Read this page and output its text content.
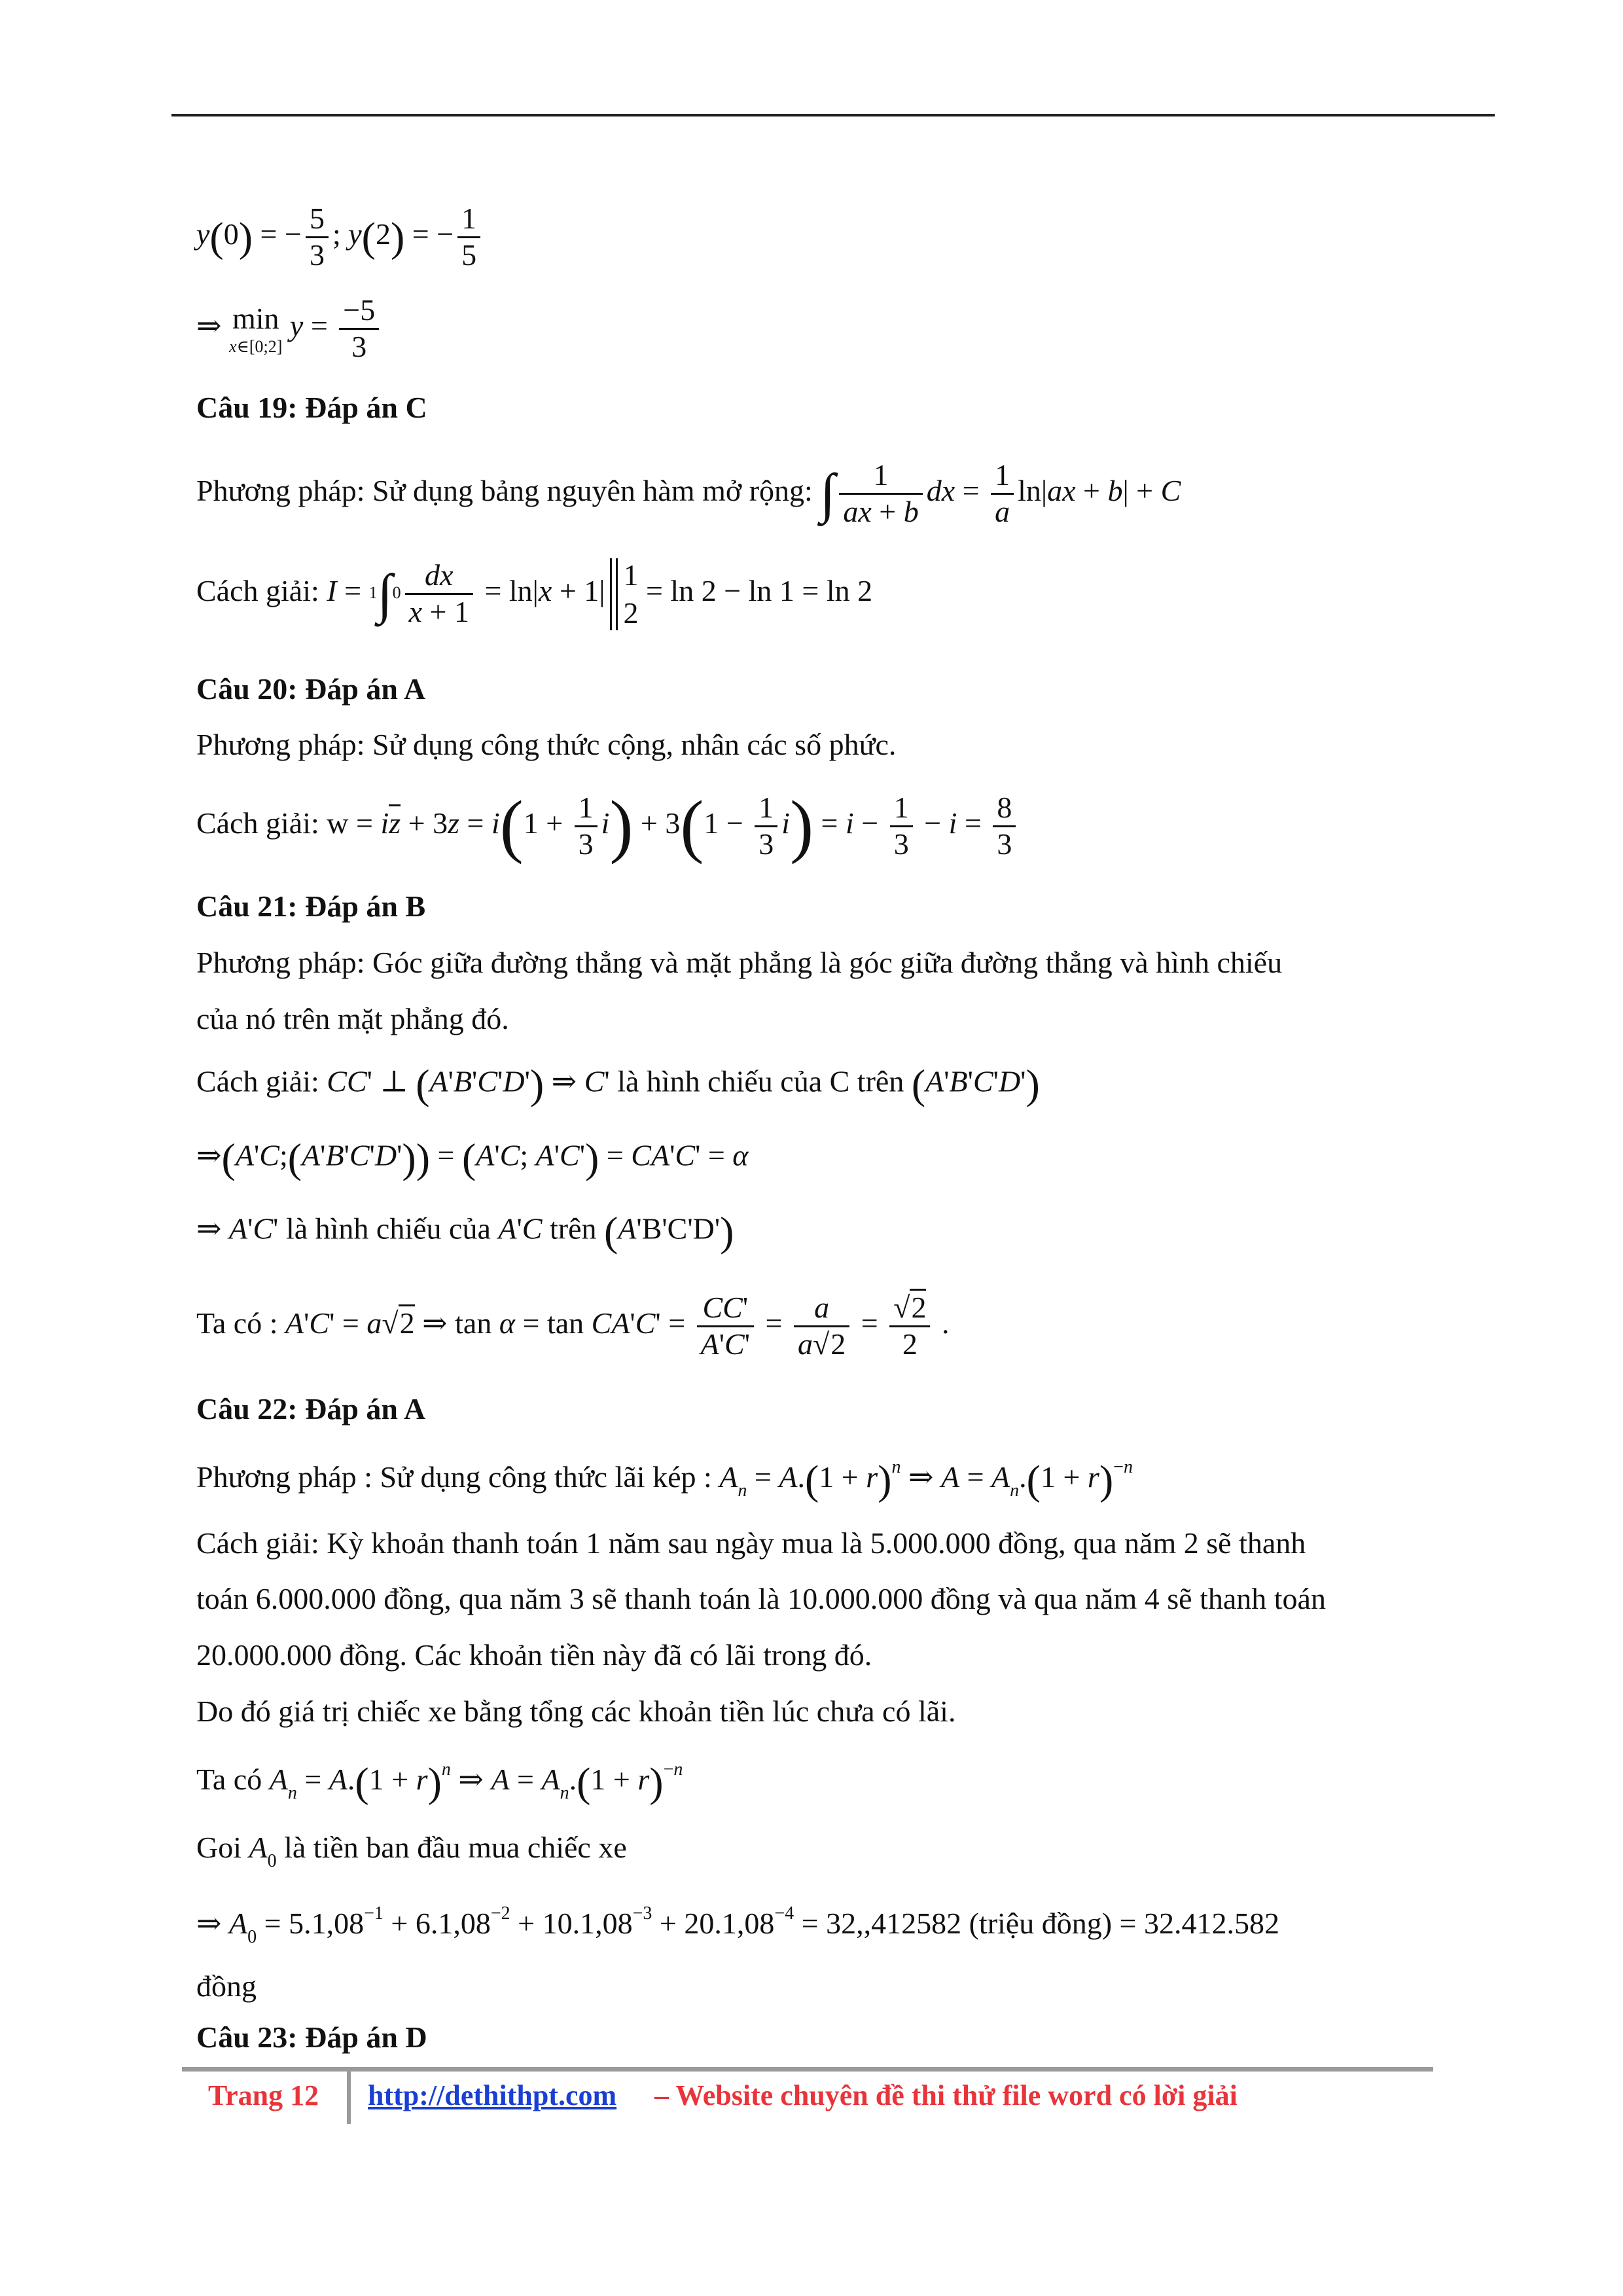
y(0) = − $\frac{5}{3}$ ; y(2) = − $\frac{1}{5}$
⇒ min
x∈[0;2] $y = \frac{-5}{3}$
Câu 19: Đáp án C
Phương pháp: Sử dụng bảng nguyên hàm mở rộng: ∫ $\frac{1}{ax + b}$ dx = $\frac{1}{a} \ln|ax + b| + C$
Cách giải: $I = 1\int 0 \frac{dx}{x + 1} = \ln|x + 1|$ 1
2
= ln 2 − ln 1 = ln 2
Câu 20: Đáp án A
Phương pháp: Sử dụng công thức cộng, nhân các số phức.
Cách giải: w = iz + $3z = i(1 + \frac{1}{3} i) + 3(1 - \frac{1}{3} i) = i - \frac{1}{3} - i = \frac{8}{3}$
Câu 21: Đáp án B
Phương pháp: Góc giữa đường thẳng và mặt phẳng là góc giữa đường thẳng và hình chiếu
của nó trên mặt phẳng đó.
Cách giải: CC' ⊥ (A'B'C'D') ⇒ C' là hình chiếu của C trên (A'B'C'D')
⇒(A'C;(A'B'C'D')) = (A'C; A'C') = CA'C' = α
⇒ A'C' là hình chiếu của A'C trên (A'B'C'D')
Ta có : A'C' = a√2 ⇒ $\tan \alpha = \tan CA'C' = \frac{CC'}{A'C'} = \frac{a}{a√2} = \frac{√2}{2}$ .
Câu 22: Đáp án A
Phương pháp : Sử dụng công thức lãi kép : $A_n = A.(1 + r)^n$ ⇒ $A = A_n.(1 + r)^{-n}$
Cách giải: Kỳ khoản thanh toán 1 năm sau ngày mua là 5.000.000 đồng, qua năm 2 sẽ thanh
toán 6.000.000 đồng, qua năm 3 sẽ thanh toán là 10.000.000 đồng và qua năm 4 sẽ thanh toán
20.000.000 đồng. Các khoản tiền này đã có lãi trong đó.
Do đó giá trị chiếc xe bằng tổng các khoản tiền lúc chưa có lãi.
Ta có $A_n = A.(1 + r)^n$ ⇒ $A = A_n.(1 + r)^{-n}$
Goi $A_0$ là tiền ban đầu mua chiếc xe
⇒ $A_0 = 5.1,08^{-1} + 6.1,08^{-2} + 10.1,08^{-3} + 20.1,08^{-4} = 32,,412582$ (triệu đồng) = 32.412.582
đồng
Câu 23: Đáp án D
Trang 12 http://dethithpt.com – Website chuyên đề thi thử file word có lời giải
